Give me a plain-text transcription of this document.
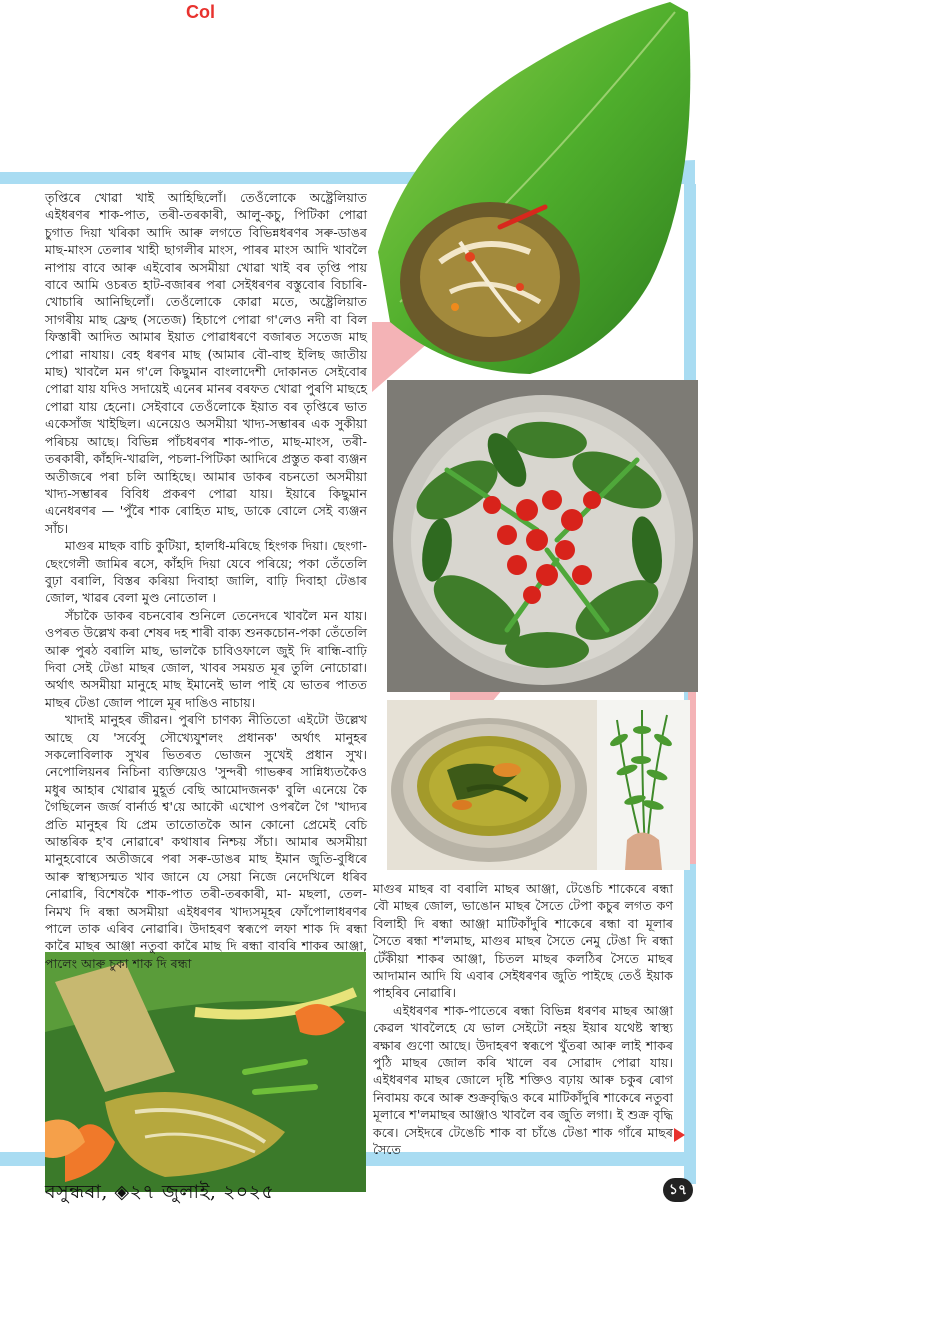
Col

তৃপ্তিৰে খোৱা খাই আহিছিলোঁ। তেওঁলোকে অষ্ট্ৰেলিয়াত এইধৰণৰ শাক-পাত, তৰী-তৰকাৰী, আলু-কচু, পিটিকা পোৱা চুগাত দিয়া খৰিকা আদি আৰু লগতে বিভিন্নধৰণৰ সৰু-ডাঙৰ মাছ-মাংস তেলাৰ খাহী ছাগলীৰ মাংস, পাৰৰ মাংস আদি খাবলৈ নাপায় বাবে আৰু এইবোৰ অসমীয়া খোৱা খাই বৰ তৃপ্তি পায় বাবে আমি ওচৰত হাট-বজাৰৰ পৰা সেইধৰণৰ বস্তুবোৰ বিচাৰি-খোচাৰি আনিছিলোঁ। তেওঁলোকে কোৱা মতে, অষ্ট্ৰেলিয়াত সাগৰীয় মাছ ফ্ৰেছ (সতেজ) হিচাপে পোৱা গ'লেও নদী বা বিল ফিস্তাৰী আদিত আমাৰ ইয়াত পোৱাধৰণে বজাৰত সতেজ মাছ পোৱা নাযায়। বেহ ধৰণৰ মাছ (আমাৰ বৌ-বাহু ইলিছ জাতীয় মাছ) খাবলৈ মন গ'লে কিছুমান বাংলাদেশী দোকানত সেইবোৰ পোৱা যায় যদিও সদায়েই এনেৰ মানৰ বৰফত খোৱা পুৰণি মাছহে পোৱা যায় হেনো। সেইবাবে তেওঁলোকে ইয়াত বৰ তৃপ্তিৰে ভাত একেসাঁজ খাইছিল। এনেয়েও অসমীয়া খাদ্য-সম্ভাৰৰ এক সুকীয়া পৰিচয় আছে। বিভিন্ন পাঁচধৰণৰ শাক-পাত, মাছ-মাংস, তৰী-তৰকাৰী, কাঁহদি-খাৱলি, পচলা-পিটিকা আদিৰে প্ৰস্তুত কৰা ব্যঞ্জন অতীজৰে পৰা চলি আহিছে। আমাৰ ডাকৰ বচনতো অসমীয়া খাদ্য-সম্ভাৰৰ বিবিধ প্ৰকৰণ পোৱা যায়। ইয়াৰে কিছুমান এনেধৰণৰ — 'পুঁৰৈ শাক ৰোহিত মাছ, ডাকে বোলে সেই ব্যঞ্জন সাঁচ।

মাগুৰ মাছক বাচি কুটিয়া, হালধি-মৰিছে হিংগক দিয়া। ছেংগা-ছেংগেলী জামিৰ ৰসে, কাঁহদি দিয়া যেবে পৰিয়ে; পকা তেঁতেলি বুঢ়া বৰালি, বিস্তৰ কৰিয়া দিবাহা জালি, বাঢ়ি দিবাহা টেঙাৰ জোল, খাৱৰ বেলা মুণ্ড নোতোল ।

সঁচাকৈ ডাকৰ বচনবোৰ শুনিলে তেনেদৰে খাবলৈ মন যায়। ওপৰত উল্লেখ কৰা শেষৰ দহ শাৰী বাক্য শুনকচোন-পকা তেঁতেলি আৰু পুৰঠ বৰালি মাছ, ভালকৈ চাবিওফালে জুই দি ৰান্ধি-বাঢ়ি দিবা সেই টেঙা মাছৰ জোল, খাবৰ সময়ত মূৰ তুলি নোচোৱা। অৰ্থাৎ অসমীয়া মানুহে মাছ ইমানেই ভাল পাই যে ভাতৰ পাতত মাছৰ টেঙা জোল পালে মূৰ দাঙিও নাচায়।

খাদাই মানুহৰ জীৱন। পুৰণি চাণক্য নীতিতো এইটো উল্লেখ আছে যে 'সৰ্বেসু সৌখ্যেযুশলং প্ৰধানক' অৰ্থাৎ মানুহৰ সকলোবিলাক সুখৰ ভিতৰত ভোজন সুখেই প্ৰধান সুখ। নেপোলিয়নৰ নিচিনা ব্যক্তিয়েও 'সুন্দৰী গাভৰুৰ সান্নিধ্যতকৈও মধুৰ আহাৰ খোৱাৰ মুহূৰ্ত বেছি আমোদজনক' বুলি এনেয়ে কৈ গৈছিলেন জৰ্জ বাৰ্নাৰ্ড শ্ব'য়ে আকৌ এখোপ ওপৰলৈ গৈ 'খাদ্যৰ প্ৰতি মানুহৰ যি প্ৰেম তাতোতকৈ আন কোনো প্ৰেমেই বেচি আন্তৰিক হ'ব নোৱাৰে' কথাষাৰ নিশ্চয় সঁচা। আমাৰ অসমীয়া মানুহবোৰে অতীজৰে পৰা সৰু-ডাঙৰ মাছ ইমান জুতি-বুধিৰে আৰু স্বাস্থ্যসন্মত খাব জানে যে সেয়া নিজে নেদেখিলে ধৰিব নোৱাৰি, বিশেষকৈ শাক-পাত তৰী-তৰকাৰী, মা- মছলা, তেল-নিমখ দি ৰন্ধা অসমীয়া এইধৰণৰ খাদ্যসমূহৰ ফোঁপোলাধৰণৰ পালে তাক এৰিব নোৱাৰি। উদাহৰণ স্বৰূপে লফা শাক দি ৰন্ধা কাৰৈ মাছৰ আঞ্জা নতুবা কাৰৈ মাছ দি ৰন্ধা বাবৰি শাকৰ আঞ্জা, পালেং আৰু চুকা শাক দি ৰন্ধা

মাগুৰ মাছৰ বা বৰালি মাছৰ আঞ্জা, টেঙেচি শাকেৰে ৰন্ধা বৌ মাছৰ জোল, ভাঙোন মাছৰ সৈতে টেপা কচুৰ লগত কণ বিলাহী দি ৰন্ধা আঞ্জা মাটিকাঁদুৰি শাকেৰে ৰন্ধা বা মূলাৰ সৈতে ৰন্ধা শ'লমাছ, মাগুৰ মাছৰ সৈতে নেমু টেঙা দি ৰন্ধা টেঁকীয়া শাকৰ আঞ্জা, চিতল মাছৰ কলঠিৰ সৈতে মাছৰ আদামান আদি যি এবাৰ সেইধৰণৰ জুতি পাইছে তেওঁ ইয়াক পাহৰিব নোৱাৰি।

এইধৰণৰ শাক-পাতেৰে ৰন্ধা বিভিন্ন ধৰণৰ মাছৰ আঞ্জা কেৱল খাবলৈহে যে ভাল সেইটো নহয় ইয়াৰ যথেষ্ট স্বাস্থ্য ৰক্ষাৰ গুণো আছে। উদাহৰণ স্বৰূপে খুঁতৰা আৰু লাই শাকৰ পুঠি মাছৰ জোল কৰি খালে বৰ সোৱাদ পোৱা যায়। এইধৰণৰ মাছৰ জোলে দৃষ্টি শক্তিও বঢ়ায় আৰু চকুৰ ৰোগ নিবাময় কৰে আৰু শুক্ৰবৃদ্ধিও কৰে মাটিকাঁদুৰি শাকেৰে নতুবা মূলাৰে শ'লমাছৰ আঞ্জাও খাবলৈ বৰ জুতি লগা। ই শুক্ৰ বৃদ্ধি কৰে। সেইদৰে টেঙেচি শাক বা চাঁঙে টেঙা শাক গাঁৰে মাছৰ সৈতে

বসুন্ধৰা, ◈২৭ জুলাই, ২০২৫	১৭
